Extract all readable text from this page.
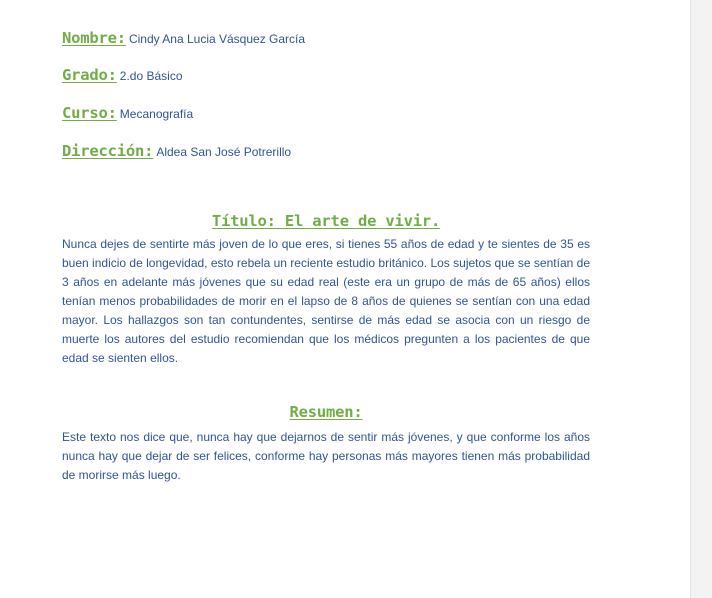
Nombre: Cindy Ana Lucia Vásquez García
Grado: 2.do Básico
Curso: Mecanografía
Dirección: Aldea San José Potrerillo
Título: El arte de vivir.

Nunca dejes de sentirte más joven de lo que eres, si tienes 55 años de edad y te sientes de 35 es buen indicio de longevidad, esto rebela un reciente estudio británico. Los sujetos que se sentían de 3 años en adelante más jóvenes que su edad real (este era un grupo de más de 65 años) ellos tenían menos probabilidades de morir en el lapso de 8 años de quienes se sentían con una edad mayor. Los hallazgos son tan contundentes, sentirse de más edad se asocia con un riesgo de muerte los autores del estudio recomiendan que los médicos pregunten a los pacientes de que edad se sienten ellos.

Resumen:

Este texto nos dice que, nunca hay que dejarnos de sentir más jóvenes, y que conforme los años nunca hay que dejar de ser felices, conforme hay personas más mayores tienen más probabilidad de morirse más luego.
